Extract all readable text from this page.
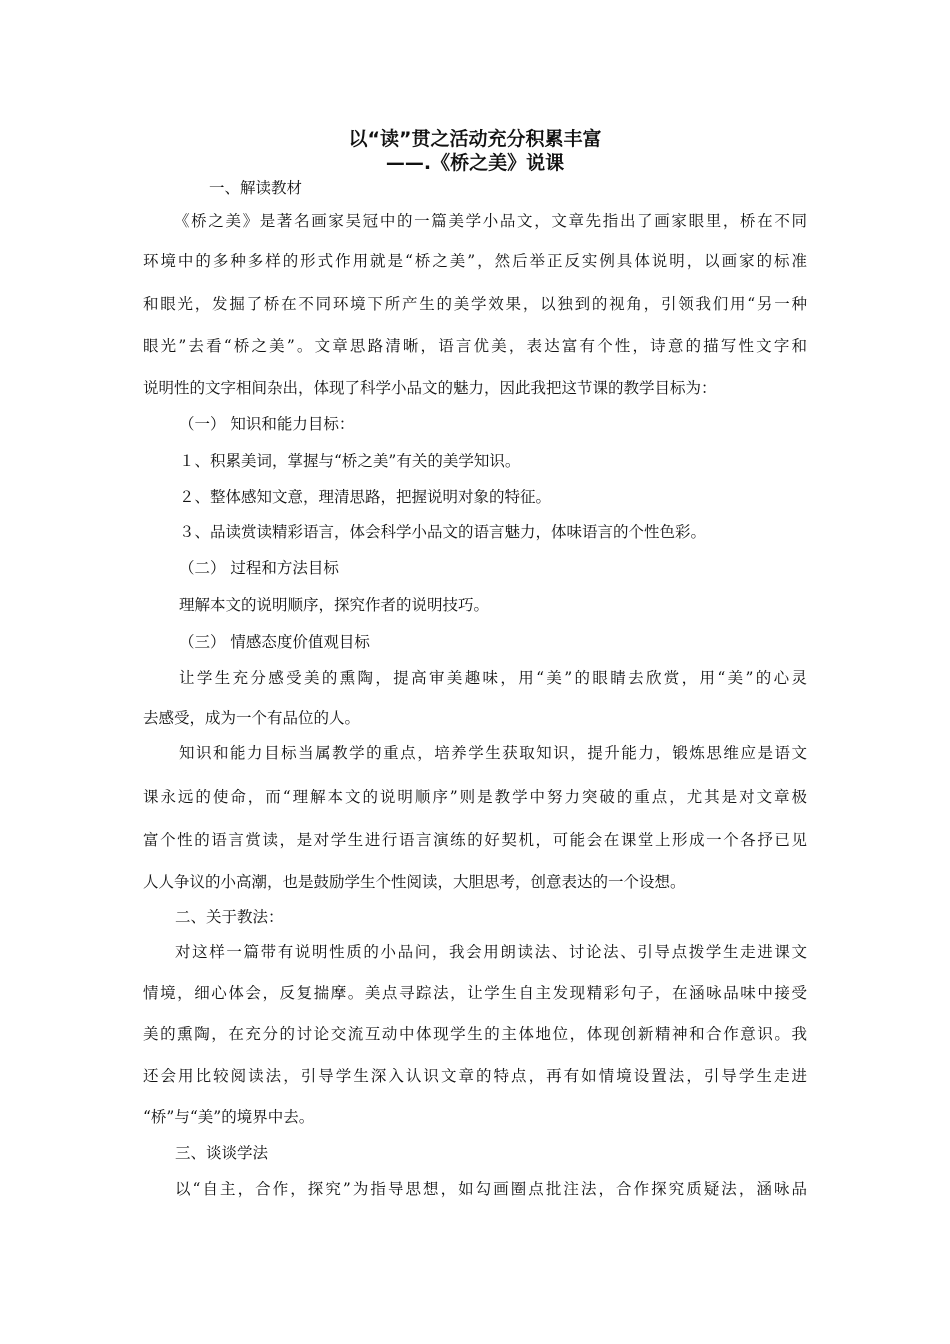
以“读”贯之活动充分积累丰富
——.《桥之美》说课

一、解读教材

《桥之美》是著名画家吴冠中的一篇美学小品文，文章先指出了画家眼里，桥在不同

环境中的多种多样的形式作用就是“桥之美”，然后举正反实例具体说明，以画家的标准

和眼光，发掘了桥在不同环境下所产生的美学效果，以独到的视角，引领我们用“另一种

眼光”去看“桥之美”。文章思路清晰，语言优美，表达富有个性，诗意的描写性文字和

说明性的文字相间杂出，体现了科学小品文的魅力，因此我把这节课的教学目标为：

（一） 知识和能力目标：

１、积累美词，掌握与“桥之美”有关的美学知识。

２、整体感知文意，理清思路，把握说明对象的特征。

３、品读赏读精彩语言，体会科学小品文的语言魅力，体味语言的个性色彩。

（二） 过程和方法目标

理解本文的说明顺序，探究作者的说明技巧。

（三） 情感态度价值观目标

让学生充分感受美的熏陶，提高审美趣味，用“美”的眼睛去欣赏，用“美”的心灵

去感受，成为一个有品位的人。

知识和能力目标当属教学的重点，培养学生获取知识，提升能力，锻炼思维应是语文

课永远的使命，而“理解本文的说明顺序”则是教学中努力突破的重点，尤其是对文章极

富个性的语言赏读，是对学生进行语言演练的好契机，可能会在课堂上形成一个各抒已见

人人争议的小高潮，也是鼓励学生个性阅读，大胆思考，创意表达的一个设想。

二、关于教法：

对这样一篇带有说明性质的小品问，我会用朗读法、讨论法、引导点拨学生走进课文

情境，细心体会，反复揣摩。美点寻踪法，让学生自主发现精彩句子，在涵咏品味中接受

美的熏陶，在充分的讨论交流互动中体现学生的主体地位，体现创新精神和合作意识。我

还会用比较阅读法，引导学生深入认识文章的特点，再有如情境设置法，引导学生走进

“桥”与“美”的境界中去。

三、谈谈学法

以“自主，合作，探究”为指导思想，如勾画圈点批注法，合作探究质疑法，涵咏品
